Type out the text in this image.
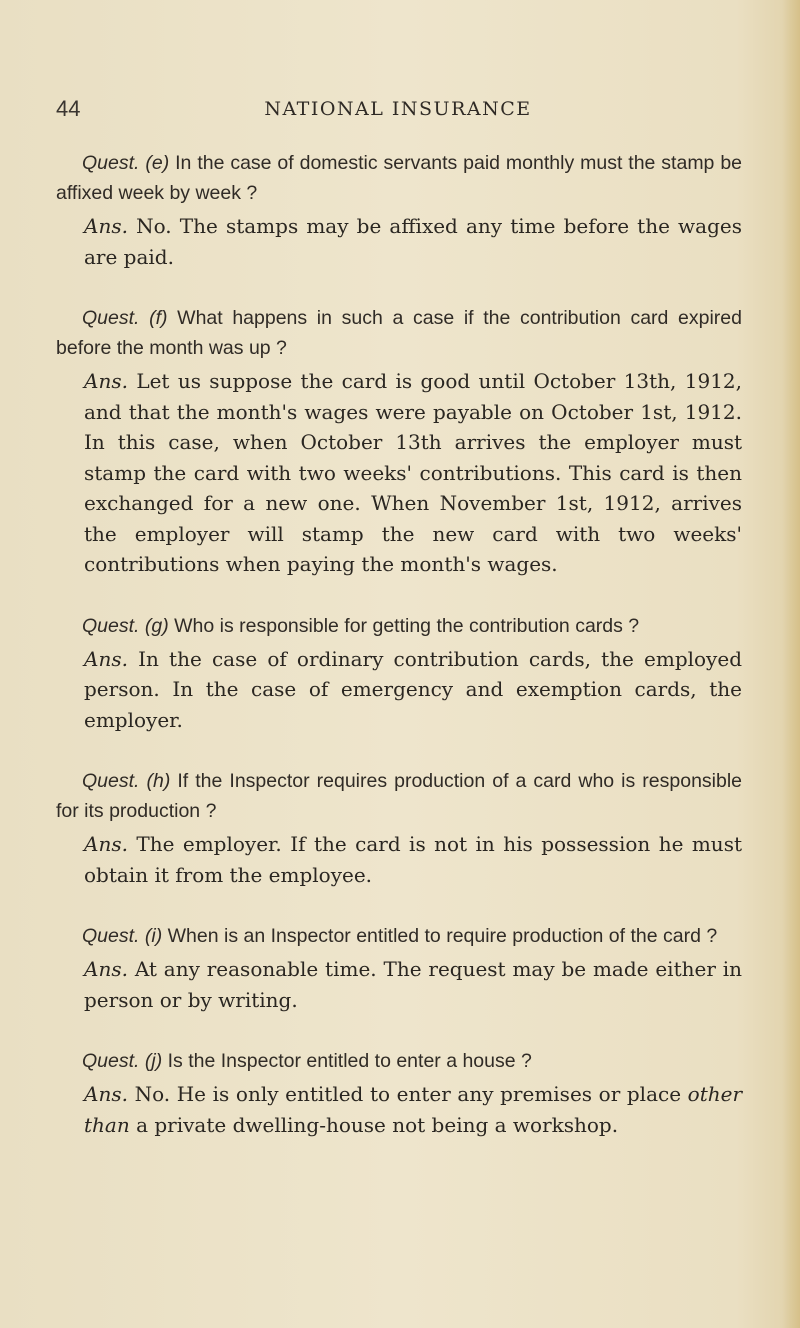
44	NATIONAL INSURANCE

Quest. (e) In the case of domestic servants paid monthly must the stamp be affixed week by week ?

Ans. No. The stamps may be affixed any time before the wages are paid.

Quest. (f) What happens in such a case if the contribution card expired before the month was up ?

Ans. Let us suppose the card is good until October 13th, 1912, and that the month's wages were payable on October 1st, 1912. In this case, when October 13th arrives the employer must stamp the card with two weeks' contributions. This card is then exchanged for a new one. When November 1st, 1912, arrives the employer will stamp the new card with two weeks' contributions when paying the month's wages.

Quest. (g) Who is responsible for getting the contribution cards ?

Ans. In the case of ordinary contribution cards, the employed person. In the case of emergency and exemption cards, the employer.

Quest. (h) If the Inspector requires production of a card who is responsible for its production ?

Ans. The employer. If the card is not in his possession he must obtain it from the employee.

Quest. (i) When is an Inspector entitled to require production of the card ?

Ans. At any reasonable time. The request may be made either in person or by writing.

Quest. (j) Is the Inspector entitled to enter a house ?

Ans. No. He is only entitled to enter any premises or place other than a private dwelling-house not being a workshop.
